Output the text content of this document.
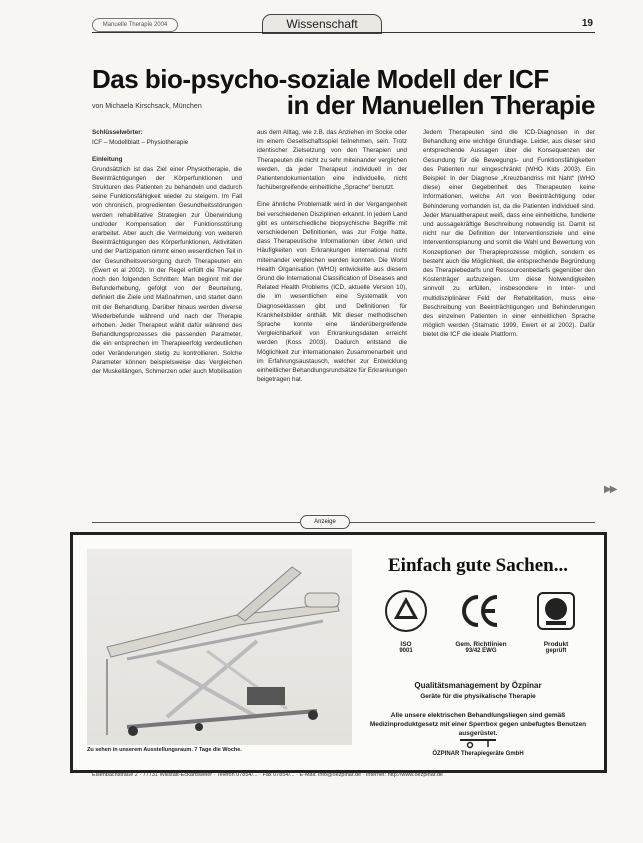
Manuelle Therapie 2004	Wissenschaft	19
Das bio-psycho-soziale Modell der ICF
von Michaela Kirschsack, München	in der Manuellen Therapie
Schlüsselwörter:
ICF – Modellblatt – Physiotherapie
Einleitung

Grundsätzlich ist das Ziel einer Physiotherapie, die Beeinträchtigungen der Körperfunktionen und Strukturen des Patienten zu behandeln und dadurch seine Funktionsfähigkeit wieder zu steigern. Im Fall von chronisch, progredienten Gesundheitsstörungen werden rehabilitative Strategien zur Überwindung und/oder Kompensation der Funktionsstörung erarbeitet. Aber auch die Vermeidung von weiteren Beeinträchtigungen des Körperfunktionen, Aktivitäten und der Partizipation nimmt einen wesentlichen Teil in der Gesundheitsversorgung durch Therapeuten ein (Ewert et al 2002). In der Regel erfüllt die Therapie noch den folgenden Schritten: Man beginnt mit der Befunderhebung, gefolgt von der Beurteilung, definiert die Ziele und Maßnahmen, und startet dann mit der Behandlung. Darüber hinaus werden diverse Wiederbefunde während und nach der Therapie erhoben. Jeder Therapeut wählt dafür während des Behandlungsprozesses die passenden Parameter, die ein entsprechen im Therapieerfolg verdeutlichen oder Veränderungen stetig zu kontrollieren. Solche Parameter können beispielsweise das Vergleichen der Muskellängen, Schmerzen oder auch Mobilisation

aus dem Alltag, wie z.B. das Anziehen im Socke oder im einem Gesellschaftsspiel teilnehmen, sein. Trotz identischer Zielsetzung von den Therapien und Therapeuten die nicht zu sehr miteinander verglichen werden, da jeder Therapeut individuell in der Patientendokumentation eine individuelle, nicht fachübergreifende einheitliche „Sprache“ benutzt.

Eine ähnliche Problematik wird in der Vergangenheit bei verschiedenen Disziplinen erkannt. In jedem Land gibt es unterschiedliche biopsychische Begriffe mit verschiedenen Definitionen, was zur Folge hatte, dass Therapeutische Informationen über Arten und Häufigkeiten von Erkrankungen international nicht miteinander vergleichen werden konnten. Die World Health Organisation (WHO) entwickelte aus diesem Grund die International Classification of Diseases and Related Health Problems (ICD, aktuelle Version 10), die im wesentlichen eine Systematik von Diagnoseklassen gibt und Definitionen für Krankheitsbilder enthält. Mit dieser methodischen Sprache konnte eine länderübergreifende Vergleichbarkeit von Erkrankungsdaten erreicht werden (Koss 2003). Dadurch entstand die Möglichkeit zur internationalen Zusammenarbeit und im Erfahrungsaustausch, welcher zur Entwicklung einheitlicher Behandlungsrundsätze für Erkrankungen beigetragen hat.

Jedem Therapeuten sind die ICD-Diagnosen in der Behandlung eine wichtige Grundlage. Leider, aus dieser sind entsprechende Aussagen über die Konsequenzen der Gesundung für die Bewegungs- und Funktionsfähigkeiten des Patienten nur eingeschränkt (WHO Kids 2003). Ein Beispiel: In der Diagnose „Kreuzbandriss mit Naht“ (WHO diese) einer Gegebenheit des Therapeuten keine Informationen, welche Art von Beeinträchtigung oder Behinderung vorhanden ist, da die Patienten individuell sind. Jeder Manualtherapeut weiß, dass eine einheitliche, fundierte und aussagekräftige Beschreibung notwendig ist. Damit ist nicht nur die Definition der Interventionsziele und eine Interventionsplanung und somit die Wahl und Bewertung von Konzeptionen der Therapieprozesse möglich, sondern es besteht auch die Möglichkeit, die entsprechende Begründung des Therapiebedarfs und Ressourcenbedarfs gegenüber den Kostenträger aufzuzeigen. Um diese Notwendigkeiten sinnvoll zu erfüllen, insbesondere in Inter- und multidisziplinärer Feld der Rehabilitation, muss eine Beschreibung von Beeinträchtigungen und Behinderungen des einzelnen Patienten in einer einheitlichen Sprache möglich werden (Stamatic 1999, Ewert et al 2002). Dafür bietet die ICF die ideale Plattform.

▶▶
Anzeige
Einfach gute Sachen...
ISO
9001
Gem. Richtlinien
93/42 EWG
Produkt
geprüft
Qualitätsmanagement by Özpinar
Geräte für die physikalische Therapie
Alle unsere elektrischen Behandlungsliegen sind gemäß Medizinproduktgesetz mit einer Sperrbox gegen unbefugtes Benutzen ausgerüstet.
ÖZPINAR Therapiegeräte GmbH
Zu sehen in unserem Ausstellungsraum. 7 Tage die Woche.
Eisenbachstraße 2 · 77731 Willstätt-Eckartsweier · Telefon 07854/... · Fax 07854/... · E-Mail: info@oezpinar.de · Internet: http://www.oezpinar.de
